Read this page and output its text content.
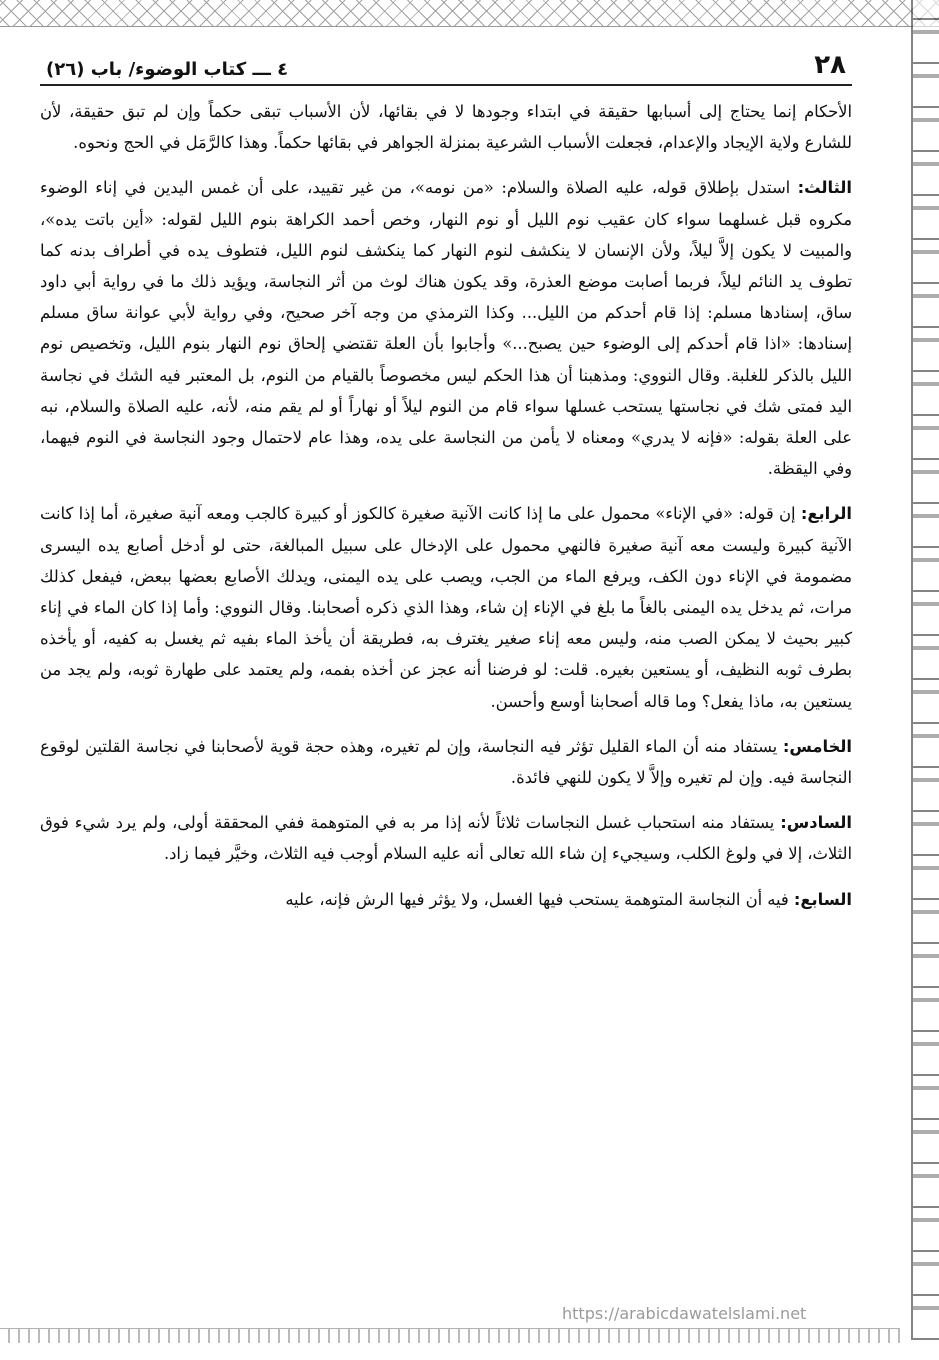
٢٨
٤ ـــ كتاب الوضوء/ باب (٢٦)

الأحكام إنما يحتاج إلى أسبابها حقيقة في ابتداء وجودها لا في بقائها، لأن الأسباب تبقى حكماً وإن لم تبق حقيقة، لأن للشارع ولاية الإيجاد والإعدام، فجعلت الأسباب الشرعية بمنزلة الجواهر في بقائها حكماً. وهذا كالرَّمَل في الحج ونحوه.

الثالث: استدل بإطلاق قوله، عليه الصلاة والسلام: «من نومه»، من غير تقييد، على أن غمس اليدين في إناء الوضوء مكروه قبل غسلهما سواء كان عقيب نوم الليل أو نوم النهار، وخص أحمد الكراهة بنوم الليل لقوله: «أين باتت يده»، والمبيت لا يكون إلاَّ ليلاً، ولأن الإنسان لا ينكشف لنوم النهار كما ينكشف لنوم الليل، فتطوف يده في أطراف بدنه كما تطوف يد النائم ليلاً، فربما أصابت موضع العذرة، وقد يكون هناك لوث من أثر النجاسة، ويؤيد ذلك ما في رواية أبي داود ساق، إسنادها مسلم: إذا قام أحدكم من الليل... وكذا الترمذي من وجه آخر صحيح، وفي رواية لأبي عوانة ساق مسلم إسنادها: «اذا قام أحدكم إلى الوضوء حين يصبح...» وأجابوا بأن العلة تقتضي إلحاق نوم النهار بنوم الليل، وتخصيص نوم الليل بالذكر للغلبة. وقال النووي: ومذهبنا أن هذا الحكم ليس مخصوصاً بالقيام من النوم، بل المعتبر فيه الشك في نجاسة اليد فمتى شك في نجاستها يستحب غسلها سواء قام من النوم ليلاً أو نهاراً أو لم يقم منه، لأنه، عليه الصلاة والسلام، نبه على العلة بقوله: «فإنه لا يدري» ومعناه لا يأمن من النجاسة على يده، وهذا عام لاحتمال وجود النجاسة في النوم فيهما، وفي اليقظة.

الرابع: إن قوله: «في الإناء» محمول على ما إذا كانت الآنية صغيرة كالكوز أو كبيرة كالجب ومعه آنية صغيرة، أما إذا كانت الآنية كبيرة وليست معه آنية صغيرة فالنهي محمول على الإدخال على سبيل المبالغة، حتى لو أدخل أصابع يده اليسرى مضمومة في الإناء دون الكف، ويرفع الماء من الجب، ويصب على يده اليمنى، ويدلك الأصابع بعضها ببعض، فيفعل كذلك مرات، ثم يدخل يده اليمنى بالغاً ما بلغ في الإناء إن شاء، وهذا الذي ذكره أصحابنا. وقال النووي: وأما إذا كان الماء في إناء كبير بحيث لا يمكن الصب منه، وليس معه إناء صغير يغترف به، فطريقة أن يأخذ الماء بفيه ثم يغسل به كفيه، أو يأخذه بطرف ثوبه النظيف، أو يستعين بغيره. قلت: لو فرضنا أنه عجز عن أخذه بفمه، ولم يعتمد على طهارة ثوبه، ولم يجد من يستعين به، ماذا يفعل؟ وما قاله أصحابنا أوسع وأحسن.

الخامس: يستفاد منه أن الماء القليل تؤثر فيه النجاسة، وإن لم تغيره، وهذه حجة قوية لأصحابنا في نجاسة القلتين لوقوع النجاسة فيه. وإن لم تغيره وإلاَّ لا يكون للنهي فائدة.

السادس: يستفاد منه استحباب غسل النجاسات ثلاثاً لأنه إذا مر به في المتوهمة ففي المحققة أولى، ولم يرد شيء فوق الثلاث، إلا في ولوغ الكلب، وسيجيء إن شاء الله تعالى أنه عليه السلام أوجب فيه الثلاث، وخيَّر فيما زاد.

السابع: فيه أن النجاسة المتوهمة يستحب فيها الغسل، ولا يؤثر فيها الرش فإنه، عليه

https://arabicdawatelslami.net
